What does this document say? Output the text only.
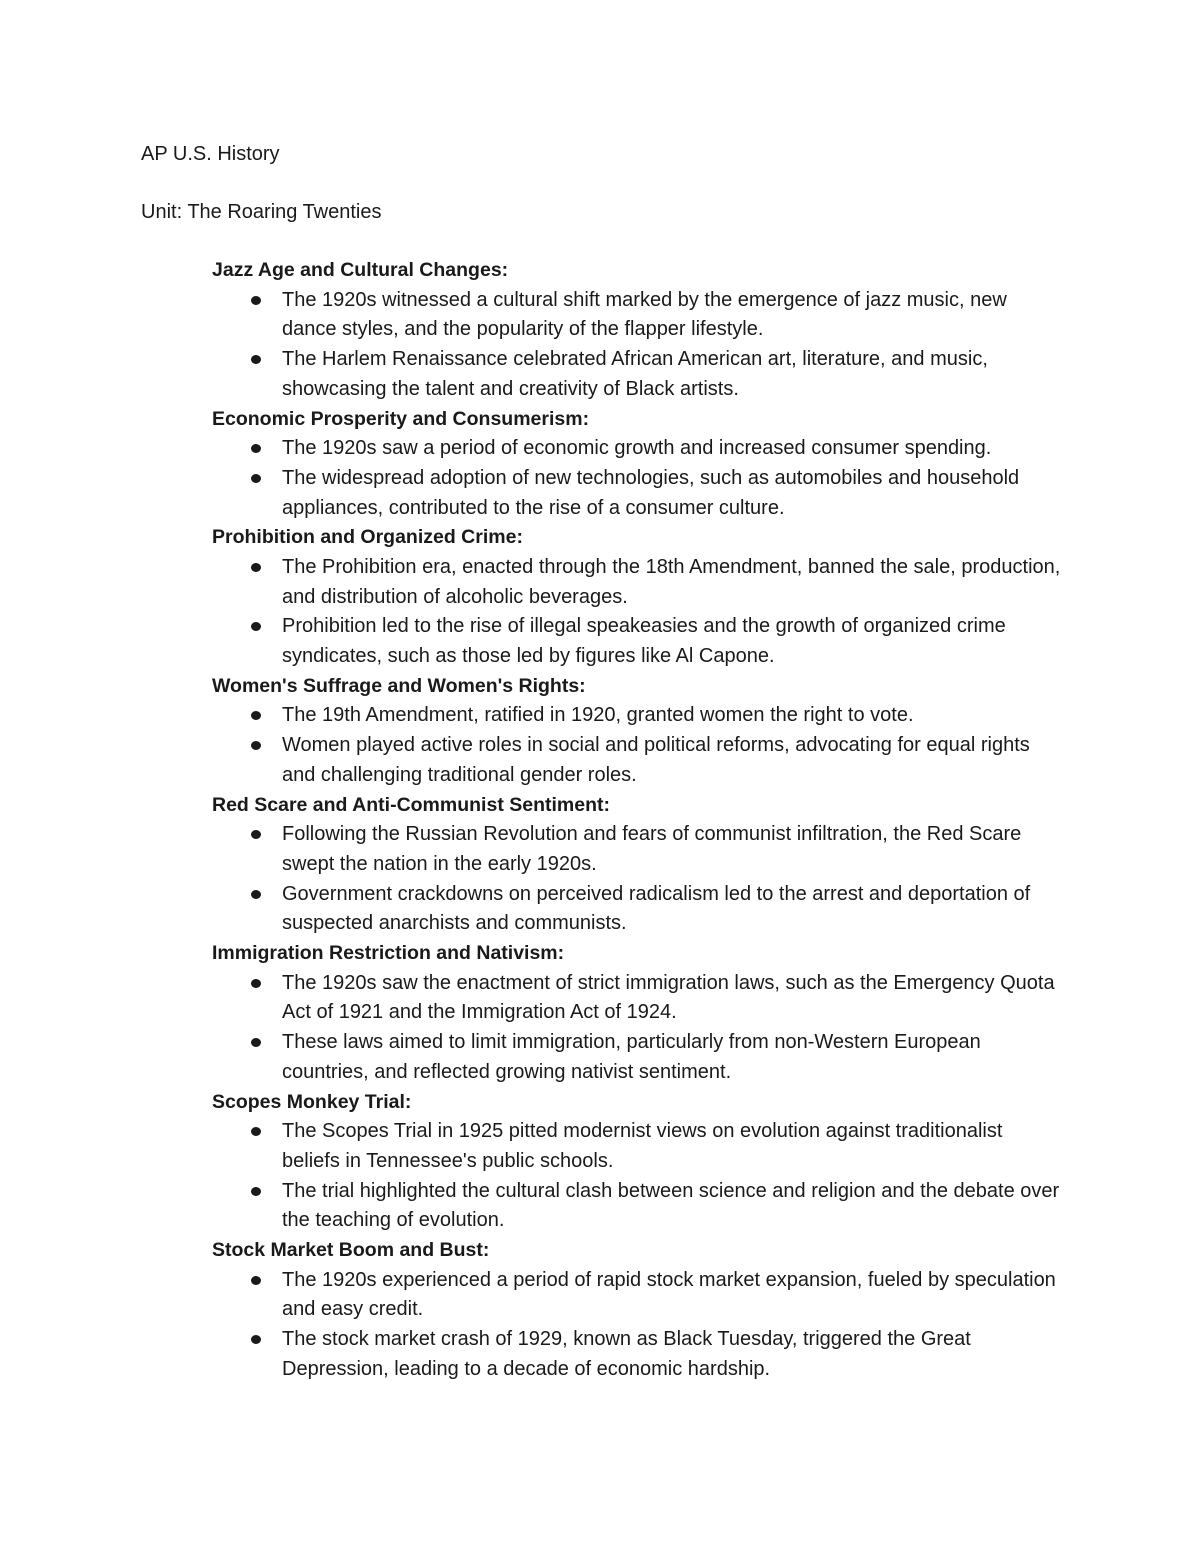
AP U.S. History

Unit: The Roaring Twenties

Jazz Age and Cultural Changes:
The 1920s witnessed a cultural shift marked by the emergence of jazz music, new dance styles, and the popularity of the flapper lifestyle.
The Harlem Renaissance celebrated African American art, literature, and music, showcasing the talent and creativity of Black artists.
Economic Prosperity and Consumerism:
The 1920s saw a period of economic growth and increased consumer spending.
The widespread adoption of new technologies, such as automobiles and household appliances, contributed to the rise of a consumer culture.
Prohibition and Organized Crime:
The Prohibition era, enacted through the 18th Amendment, banned the sale, production, and distribution of alcoholic beverages.
Prohibition led to the rise of illegal speakeasies and the growth of organized crime syndicates, such as those led by figures like Al Capone.
Women's Suffrage and Women's Rights:
The 19th Amendment, ratified in 1920, granted women the right to vote.
Women played active roles in social and political reforms, advocating for equal rights and challenging traditional gender roles.
Red Scare and Anti-Communist Sentiment:
Following the Russian Revolution and fears of communist infiltration, the Red Scare swept the nation in the early 1920s.
Government crackdowns on perceived radicalism led to the arrest and deportation of suspected anarchists and communists.
Immigration Restriction and Nativism:
The 1920s saw the enactment of strict immigration laws, such as the Emergency Quota Act of 1921 and the Immigration Act of 1924.
These laws aimed to limit immigration, particularly from non-Western European countries, and reflected growing nativist sentiment.
Scopes Monkey Trial:
The Scopes Trial in 1925 pitted modernist views on evolution against traditionalist beliefs in Tennessee's public schools.
The trial highlighted the cultural clash between science and religion and the debate over the teaching of evolution.
Stock Market Boom and Bust:
The 1920s experienced a period of rapid stock market expansion, fueled by speculation and easy credit.
The stock market crash of 1929, known as Black Tuesday, triggered the Great Depression, leading to a decade of economic hardship.
